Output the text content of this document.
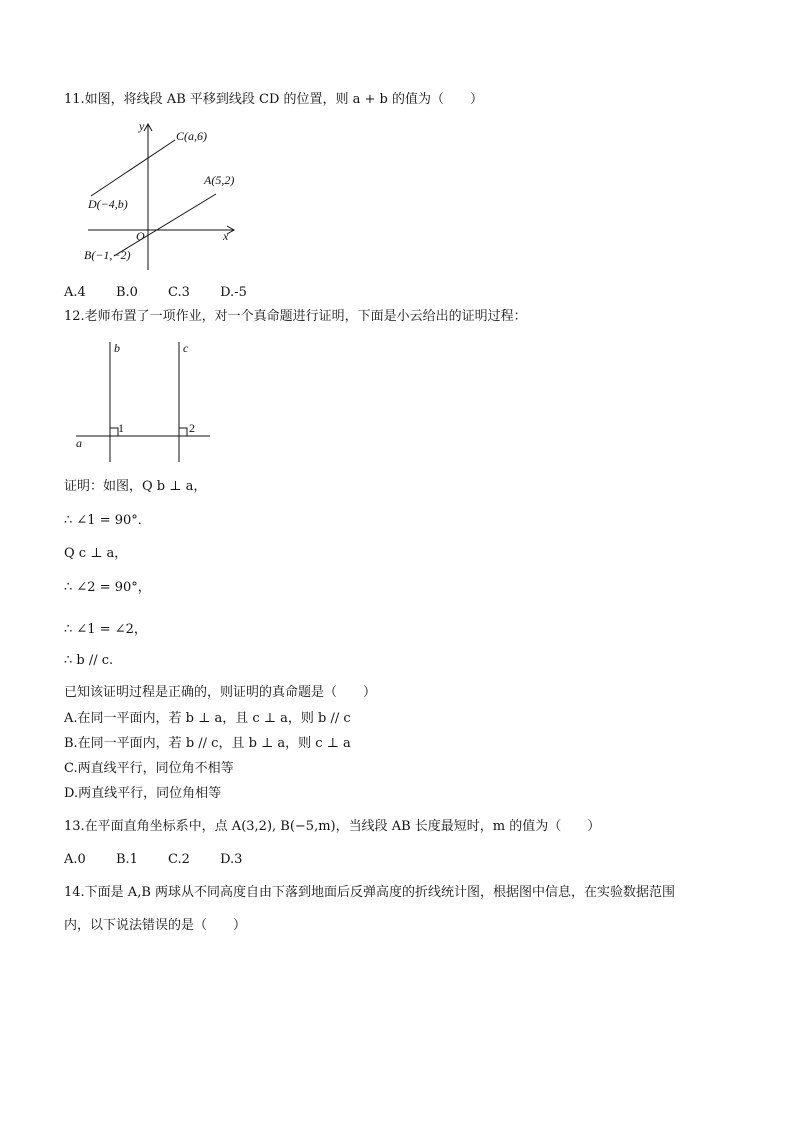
11.如图，将线段 AB 平移到线段 CD 的位置，则 a + b 的值为（　　）
y
x
O
C(a,6)
A(5,2)
D(−4,b)
B(−1,−2)
A.4 B.0 C.3 D.-5
12.老师布置了一项作业，对一个真命题进行证明，下面是小云给出的证明过程：
b	c
a
1	2
证明：如图，Q b ⊥ a，
∴ ∠1 = 90°．
Q c ⊥ a，
∴ ∠2 = 90°，
∴ ∠1 = ∠2，
∴ b // c.
已知该证明过程是正确的，则证明的真命题是（　　）
A.在同一平面内，若 b ⊥ a，且 c ⊥ a，则 b // c
B.在同一平面内，若 b // c，且 b ⊥ a，则 c ⊥ a
C.两直线平行，同位角不相等
D.两直线平行，同位角相等
13.在平面直角坐标系中，点 A(3,2), B(−5,m)，当线段 AB 长度最短时，m 的值为（　　）
A.0 B.1 C.2 D.3
14.下面是 A,B 两球从不同高度自由下落到地面后反弹高度的折线统计图，根据图中信息，在实验数据范围
内，以下说法错误的是（　　）
